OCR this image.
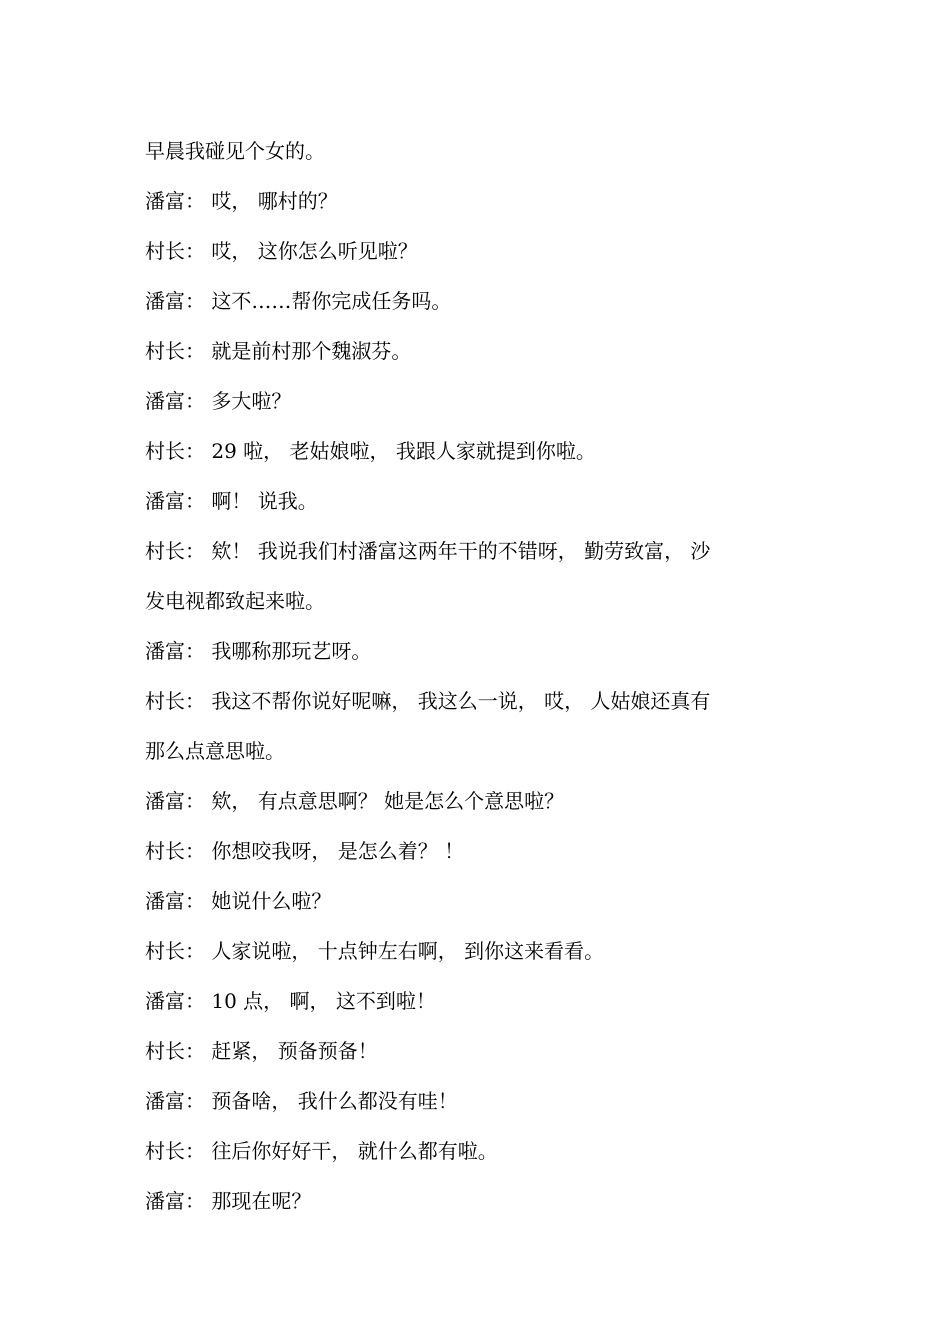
早晨我碰见个女的。
潘富： 哎， 哪村的？
村长： 哎， 这你怎么听见啦？
潘富： 这不……帮你完成任务吗。
村长： 就是前村那个魏淑芬。
潘富： 多大啦？
村长： 29 啦， 老姑娘啦， 我跟人家就提到你啦。
潘富： 啊！ 说我。
村长： 欸！ 我说我们村潘富这两年干的不错呀， 勤劳致富， 沙
发电视都致起来啦。
潘富： 我哪称那玩艺呀。
村长： 我这不帮你说好呢嘛， 我这么一说， 哎， 人姑娘还真有
那么点意思啦。
潘富： 欸， 有点意思啊？ 她是怎么个意思啦？
村长： 你想咬我呀， 是怎么着？ ！
潘富： 她说什么啦？
村长： 人家说啦， 十点钟左右啊， 到你这来看看。
潘富： 10 点， 啊， 这不到啦！
村长： 赶紧， 预备预备！
潘富： 预备啥， 我什么都没有哇！
村长： 往后你好好干， 就什么都有啦。
潘富： 那现在呢？
